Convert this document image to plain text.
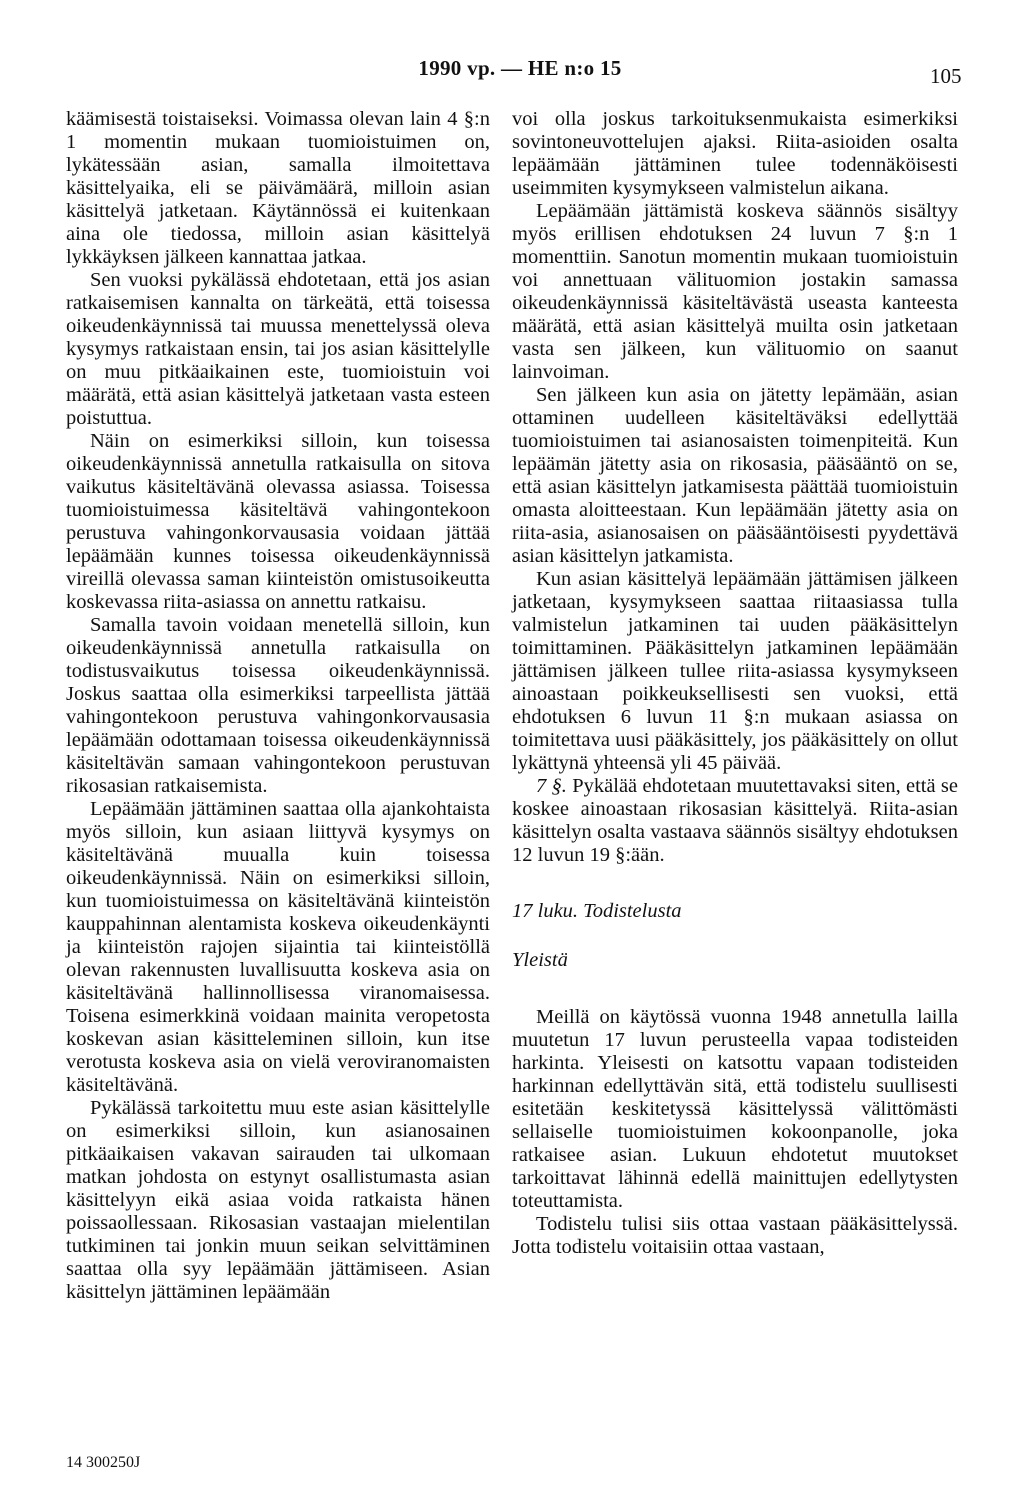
1990 vp. — HE n:o 15	105

käämisestä toistaiseksi. Voimassa olevan lain 4 §:n 1 momentin mukaan tuomioistuimen on, lykätessään asian, samalla ilmoitettava käsittelyaika, eli se päivämäärä, milloin asian käsittelyä jatketaan. Käytännössä ei kuitenkaan aina ole tiedossa, milloin asian käsittelyä lykkäyksen jälkeen kannattaa jatkaa.

Sen vuoksi pykälässä ehdotetaan, että jos asian ratkaisemisen kannalta on tärkeätä, että toisessa oikeudenkäynnissä tai muussa menettelyssä oleva kysymys ratkaistaan ensin, tai jos asian käsittelylle on muu pitkäaikainen este, tuomioistuin voi määrätä, että asian käsittelyä jatketaan vasta esteen poistuttua.

Näin on esimerkiksi silloin, kun toisessa oikeudenkäynnissä annetulla ratkaisulla on sitova vaikutus käsiteltävänä olevassa asiassa. Toisessa tuomioistuimessa käsiteltävä vahingontekoon perustuva vahingonkorvausasia voidaan jättää lepäämään kunnes toisessa oikeudenkäynnissä vireillä olevassa saman kiinteistön omistusoikeutta koskevassa riita-asiassa on annettu ratkaisu.

Samalla tavoin voidaan menetellä silloin, kun oikeudenkäynnissä annetulla ratkaisulla on todistusvaikutus toisessa oikeudenkäynnissä. Joskus saattaa olla esimerkiksi tarpeellista jättää vahingontekoon perustuva vahingonkorvausasia lepäämään odottamaan toisessa oikeudenkäynnissä käsiteltävän samaan vahingontekoon perustuvan rikosasian ratkaisemista.

Lepäämään jättäminen saattaa olla ajankohtaista myös silloin, kun asiaan liittyvä kysymys on käsiteltävänä muualla kuin toisessa oikeudenkäynnissä. Näin on esimerkiksi silloin, kun tuomioistuimessa on käsiteltävänä kiinteistön kauppahinnan alentamista koskeva oikeudenkäynti ja kiinteistön rajojen sijaintia tai kiinteistöllä olevan rakennusten luvallisuutta koskeva asia on käsiteltävänä hallinnollisessa viranomaisessa. Toisena esimerkkinä voidaan mainita veropetosta koskevan asian käsitteleminen silloin, kun itse verotusta koskeva asia on vielä veroviranomaisten käsiteltävänä.

Pykälässä tarkoitettu muu este asian käsittelylle on esimerkiksi silloin, kun asianosainen pitkäaikaisen vakavan sairauden tai ulkomaan matkan johdosta on estynyt osallistumasta asian käsittelyyn eikä asiaa voida ratkaista hänen poissaollessaan. Rikosasian vastaajan mielentilan tutkiminen tai jonkin muun seikan selvittäminen saattaa olla syy lepäämään jättämiseen. Asian käsittelyn jättäminen lepäämään

voi olla joskus tarkoituksenmukaista esimerkiksi sovintoneuvottelujen ajaksi. Riita-asioiden osalta lepäämään jättäminen tulee todennäköisesti useimmiten kysymykseen valmistelun aikana.

Lepäämään jättämistä koskeva säännös sisältyy myös erillisen ehdotuksen 24 luvun 7 §:n 1 momenttiin. Sanotun momentin mukaan tuomioistuin voi annettuaan välituomion jostakin samassa oikeudenkäynnissä käsiteltävästä useasta kanteesta määrätä, että asian käsittelyä muilta osin jatketaan vasta sen jälkeen, kun välituomio on saanut lainvoiman.

Sen jälkeen kun asia on jätetty lepämään, asian ottaminen uudelleen käsiteltäväksi edellyttää tuomioistuimen tai asianosaisten toimenpiteitä. Kun lepäämän jätetty asia on rikosasia, pääsääntö on se, että asian käsittelyn jatkamisesta päättää tuomioistuin omasta aloitteestaan. Kun lepäämään jätetty asia on riita-asia, asianosaisen on pääsääntöisesti pyydettävä asian käsittelyn jatkamista.

Kun asian käsittelyä lepäämään jättämisen jälkeen jatketaan, kysymykseen saattaa riitaasiassa tulla valmistelun jatkaminen tai uuden pääkäsittelyn toimittaminen. Pääkäsittelyn jatkaminen lepäämään jättämisen jälkeen tullee riita-asiassa kysymykseen ainoastaan poikkeuksellisesti sen vuoksi, että ehdotuksen 6 luvun 11 §:n mukaan asiassa on toimitettava uusi pääkäsittely, jos pääkäsittely on ollut lykättynä yhteensä yli 45 päivää.

7 §. Pykälää ehdotetaan muutettavaksi siten, että se koskee ainoastaan rikosasian käsittelyä. Riita-asian käsittelyn osalta vastaava säännös sisältyy ehdotuksen 12 luvun 19 §:ään.

17 luku. Todistelusta

Yleistä

Meillä on käytössä vuonna 1948 annetulla lailla muutetun 17 luvun perusteella vapaa todisteiden harkinta. Yleisesti on katsottu vapaan todisteiden harkinnan edellyttävän sitä, että todistelu suullisesti esitetään keskitetyssä käsittelyssä välittömästi sellaiselle tuomioistuimen kokoonpanolle, joka ratkaisee asian. Lukuun ehdotetut muutokset tarkoittavat lähinnä edellä mainittujen edellytysten toteuttamista.

Todistelu tulisi siis ottaa vastaan pääkäsittelyssä. Jotta todistelu voitaisiin ottaa vastaan,

14 300250J
